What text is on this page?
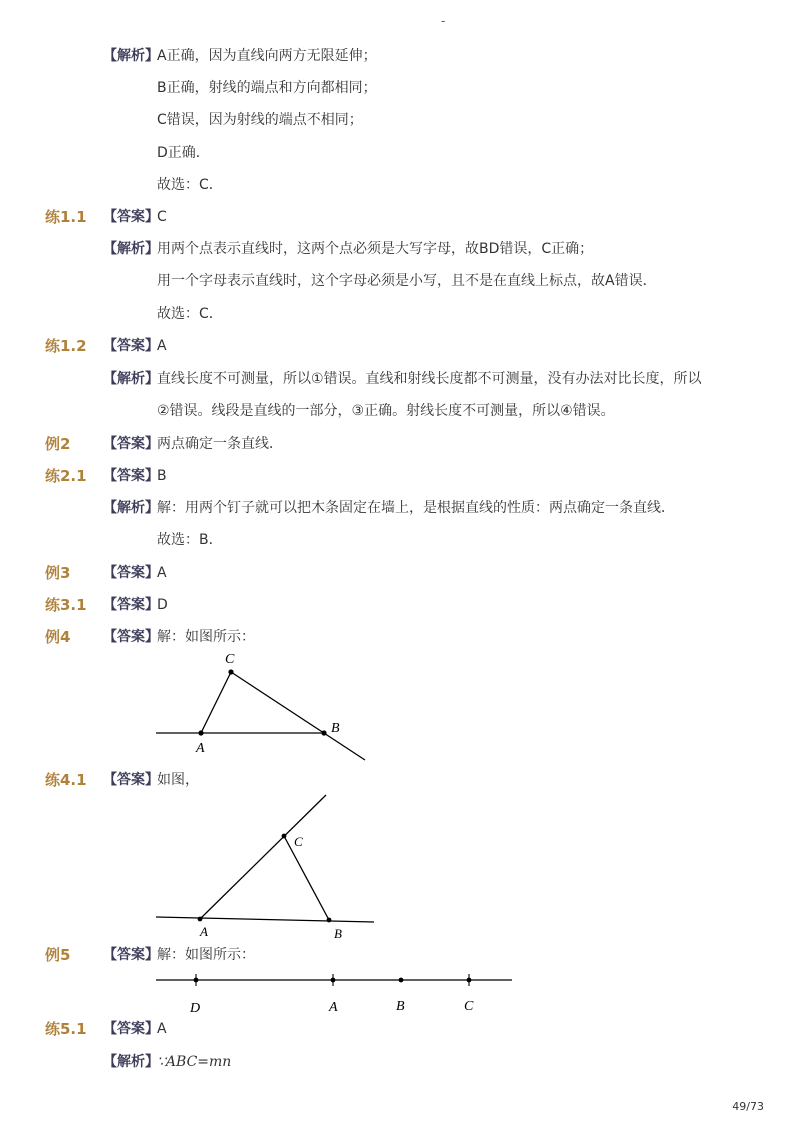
-
【解析】
A正确，因为直线向两方无限延伸；
B正确，射线的端点和方向都相同；
C错误，因为射线的端点不相同；
D正确．
故选：C．
练1.1 【答案】
C
【解析】
用两个点表示直线时，这两个点必须是大写字母，故BD错误，C正确；
用一个字母表示直线时，这个字母必须是小写，且不是在直线上标点，故A错误．
故选：C．
练1.2 【答案】
A
【解析】
直线长度不可测量，所以①错误。直线和射线长度都不可测量，没有办法对比长度，所以
②错误。线段是直线的一部分，③正确。射线长度不可测量，所以④错误。
例2 【答案】
两点确定一条直线．
练2.1 【答案】
B
【解析】
解：用两个钉子就可以把木条固定在墙上，是根据直线的性质：两点确定一条直线．
故选：B．
例3 【答案】
A
练3.1 【答案】
D
例4 【答案】
解：如图所示：
A
B
C
练4.1 【答案】
如图，
A	B
C
例5 【答案】
解：如图所示：
D	A	B	C
练5.1 【答案】
A
【解析】
∵ABC=mn
49/73
